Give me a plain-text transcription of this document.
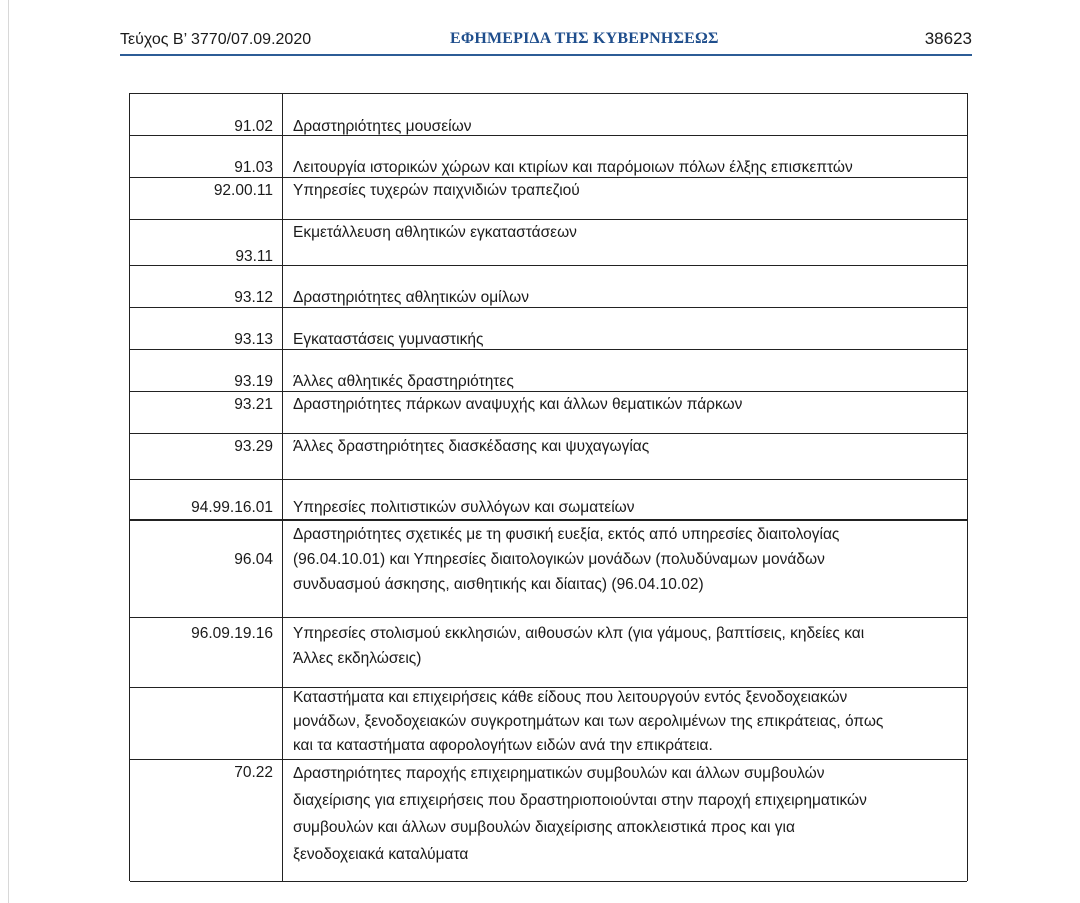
Τεύχος Β’ 3770/07.09.2020	ΕΦΗΜΕΡΙΔΑ ΤΗΣ ΚΥΒΕΡΝΗΣΕΩΣ	38623
91.02 Δραστηριότητες μουσείων
91.03 Λειτουργία ιστορικών χώρων και κτιρίων και παρόμοιων πόλων έλξης επισκεπτών
92.00.11 Υπηρεσίες τυχερών παιχνιδιών τραπεζιού
93.11
Εκμετάλλευση αθλητικών εγκαταστάσεων
93.12 Δραστηριότητες αθλητικών ομίλων
93.13 Εγκαταστάσεις γυμναστικής
93.19 Άλλες αθλητικές δραστηριότητες
93.21 Δραστηριότητες πάρκων αναψυχής και άλλων θεματικών πάρκων
93.29 Άλλες δραστηριότητες διασκέδασης και ψυχαγωγίας
94.99.16.01 Υπηρεσίες πολιτιστικών συλλόγων και σωματείων
96.04
Δραστηριότητες σχετικές με τη φυσική ευεξία, εκτός από υπηρεσίες διαιτολογίας
(96.04.10.01) και Υπηρεσίες διαιτολογικών μονάδων (πολυδύναμων μονάδων
συνδυασμού άσκησης, αισθητικής και δίαιτας) (96.04.10.02)
96.09.19.16 Υπηρεσίες στολισμού εκκλησιών, αιθουσών κλπ (για γάμους, βαπτίσεις, κηδείες και
Άλλες εκδηλώσεις)
Καταστήματα και επιχειρήσεις κάθε είδους που λειτουργούν εντός ξενοδοχειακών
μονάδων, ξενοδοχειακών συγκροτημάτων και των αερολιμένων της επικράτειας, όπως
και τα καταστήματα αφορολογήτων ειδών ανά την επικράτεια.
70.22 Δραστηριότητες παροχής επιχειρηματικών συμβουλών και άλλων συμβουλών
διαχείρισης για επιχειρήσεις που δραστηριοποιούνται στην παροχή επιχειρηματικών
συμβουλών και άλλων συμβουλών διαχείρισης αποκλειστικά προς και για
ξενοδοχειακά καταλύματα
